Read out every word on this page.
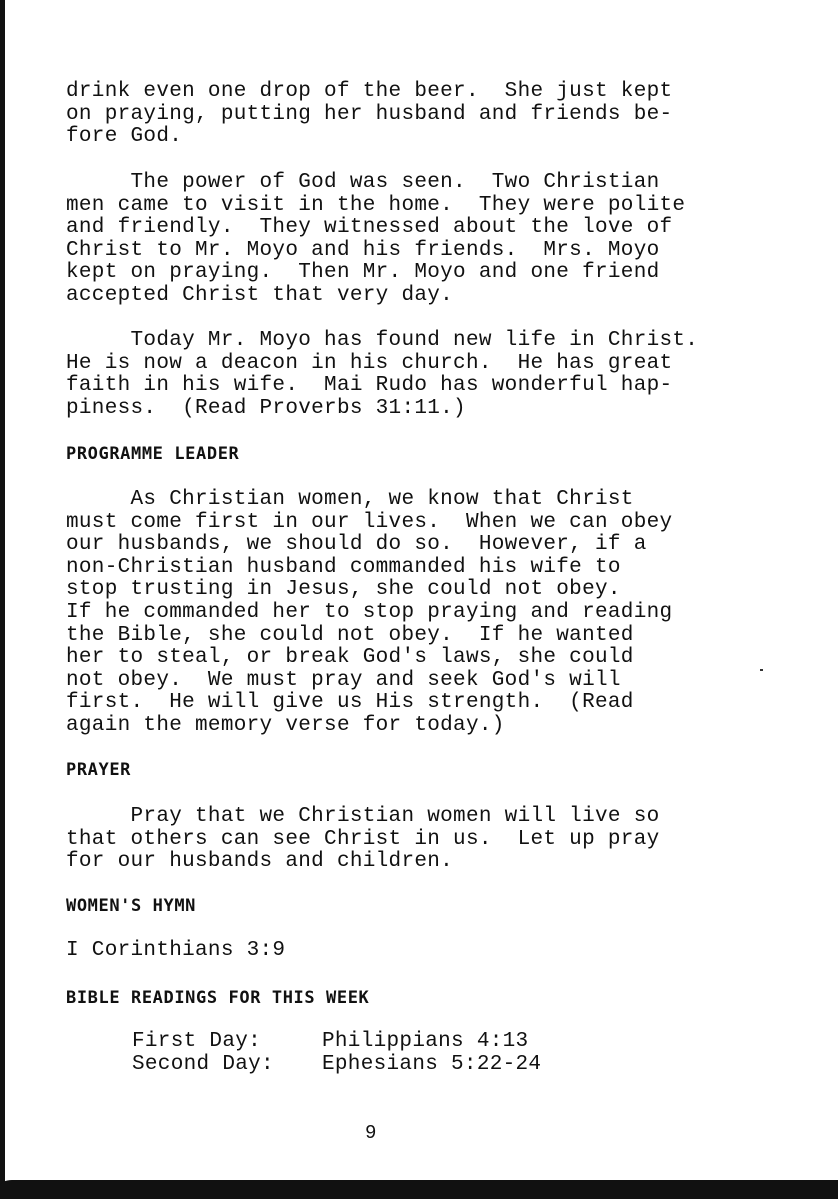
drink even one drop of the beer.  She just kept
on praying, putting her husband and friends be-
fore God.

The power of God was seen.  Two Christian
men came to visit in the home.  They were polite
and friendly.  They witnessed about the love of
Christ to Mr. Moyo and his friends.  Mrs. Moyo
kept on praying.  Then Mr. Moyo and one friend
accepted Christ that very day.

Today Mr. Moyo has found new life in Christ.
He is now a deacon in his church.  He has great
faith in his wife.  Mai Rudo has wonderful hap-
piness.  (Read Proverbs 31:11.)

PROGRAMME LEADER

As Christian women, we know that Christ
must come first in our lives.  When we can obey
our husbands, we should do so.  However, if a
non-Christian husband commanded his wife to
stop trusting in Jesus, she could not obey.
If he commanded her to stop praying and reading
the Bible, she could not obey.  If he wanted
her to steal, or break God's laws, she could
not obey.  We must pray and seek God's will
first.  He will give us His strength.  (Read
again the memory verse for today.)

PRAYER

Pray that we Christian women will live so
that others can see Christ in us.  Let up pray
for our husbands and children.

WOMEN'S HYMN

I Corinthians 3:9

BIBLE READINGS FOR THIS WEEK
First Day:	Philippians 4:13
Second Day:	Ephesians 5:22-24
9
